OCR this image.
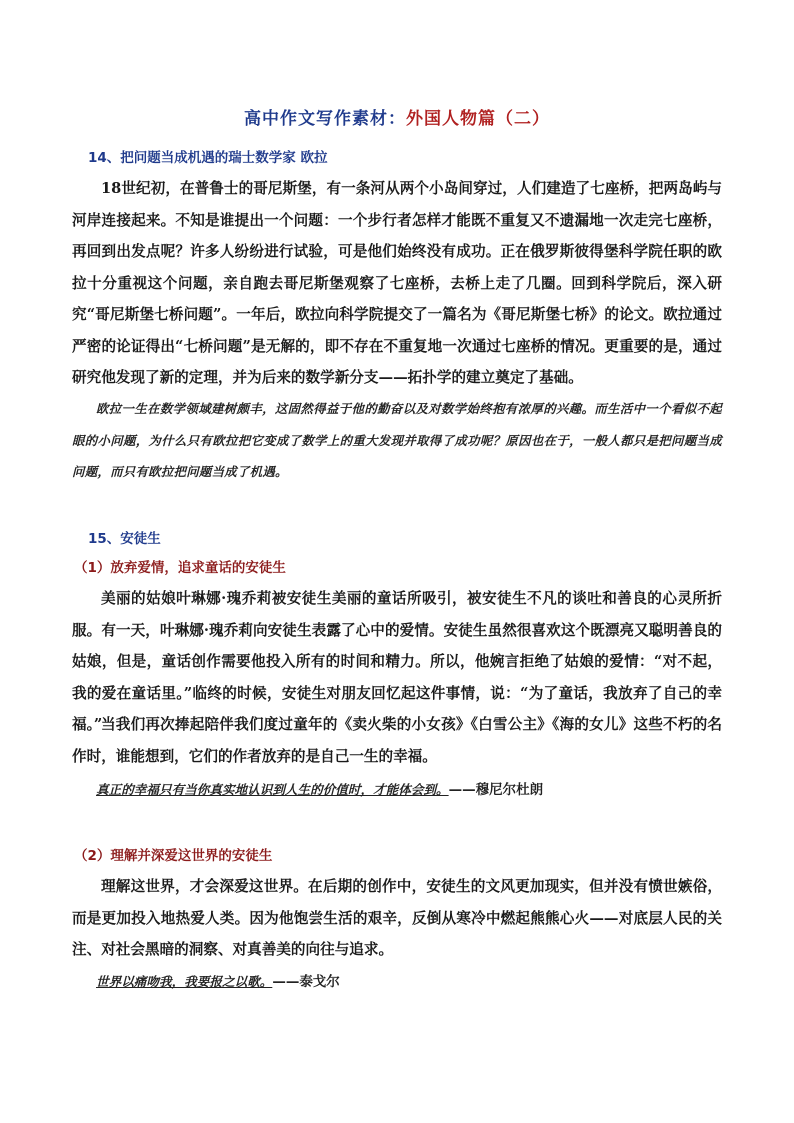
高中作文写作素材：外国人物篇（二）
14、把问题当成机遇的瑞士数学家 欧拉

18世纪初，在普鲁士的哥尼斯堡，有一条河从两个小岛间穿过，人们建造了七座桥，把两岛屿与河岸连接起来。不知是谁提出一个问题：一个步行者怎样才能既不重复又不遗漏地一次走完七座桥，再回到出发点呢？许多人纷纷进行试验，可是他们始终没有成功。正在俄罗斯彼得堡科学院任职的欧拉十分重视这个问题，亲自跑去哥尼斯堡观察了七座桥，去桥上走了几圈。回到科学院后，深入研究“哥尼斯堡七桥问题”。一年后，欧拉向科学院提交了一篇名为《哥尼斯堡七桥》的论文。欧拉通过严密的论证得出“七桥问题”是无解的，即不存在不重复地一次通过七座桥的情况。更重要的是，通过研究他发现了新的定理，并为后来的数学新分支——拓扑学的建立奠定了基础。

欧拉一生在数学领域建树颇丰，这固然得益于他的勤奋以及对数学始终抱有浓厚的兴趣。而生活中一个看似不起眼的小问题，为什么只有欧拉把它变成了数学上的重大发现并取得了成功呢？原因也在于，一般人都只是把问题当成问题，而只有欧拉把问题当成了机遇。

15、安徒生
（1）放弃爱情，追求童话的安徒生

美丽的姑娘叶琳娜·瑰乔莉被安徒生美丽的童话所吸引，被安徒生不凡的谈吐和善良的心灵所折服。有一天，叶琳娜·瑰乔莉向安徒生表露了心中的爱情。安徒生虽然很喜欢这个既漂亮又聪明善良的姑娘，但是，童话创作需要他投入所有的时间和精力。所以，他婉言拒绝了姑娘的爱情：“对不起，我的爱在童话里。”临终的时候，安徒生对朋友回忆起这件事情，说：“为了童话，我放弃了自己的幸福。”

当我们再次捧起陪伴我们度过童年的《卖火柴的小女孩》《白雪公主》《海的女儿》这些不朽的名作时，谁能想到，它们的作者放弃的是自己一生的幸福。

真正的幸福只有当你真实地认识到人生的价值时，才能体会到。——穆尼尔杜朗
（2）理解并深爱这世界的安徒生

理解这世界，才会深爱这世界。在后期的创作中，安徒生的文风更加现实，但并没有愤世嫉俗，而是更加投入地热爱人类。因为他饱尝生活的艰辛，反倒从寒冷中燃起熊熊心火——对底层人民的关注、对社会黑暗的洞察、对真善美的向往与追求。

世界以痛吻我，我要报之以歌。——泰戈尔
